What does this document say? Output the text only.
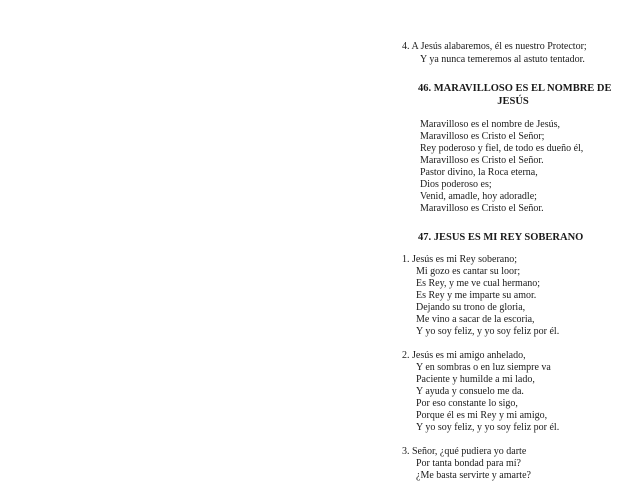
4. A Jesús alabaremos, él es nuestro Protector;
Y ya nunca temeremos al astuto tentador.
46. MARAVILLOSO ES EL NOMBRE DE
JESÚS
Maravilloso es el nombre de Jesús,
Maravilloso es Cristo el Señor;
Rey poderoso y fiel, de todo es dueño él,
Maravilloso es Cristo el Señor.
Pastor divino, la Roca eterna,
Dios poderoso es;
Venid, amadle, hoy adoradle;
Maravilloso es Cristo el Señor.
47. JESUS ES MI REY SOBERANO
1. Jesús es mi Rey soberano;
Mi gozo es cantar su loor;
Es Rey, y me ve cual hermano;
Es Rey y me imparte su amor.
Dejando su trono de gloria,
Me vino a sacar de la escoria,
Y yo soy feliz, y yo soy feliz por él.
2. Jesús es mi amigo anhelado,
Y en sombras o en luz siempre va
Paciente y humilde a mi lado,
Y ayuda y consuelo me da.
Por eso constante lo sigo,
Porque él es mi Rey y mi amigo,
Y yo soy feliz, y yo soy feliz por él.
3. Señor, ¿qué pudiera yo darte
Por tanta bondad para mí?
¿Me basta servirte y amarte?
